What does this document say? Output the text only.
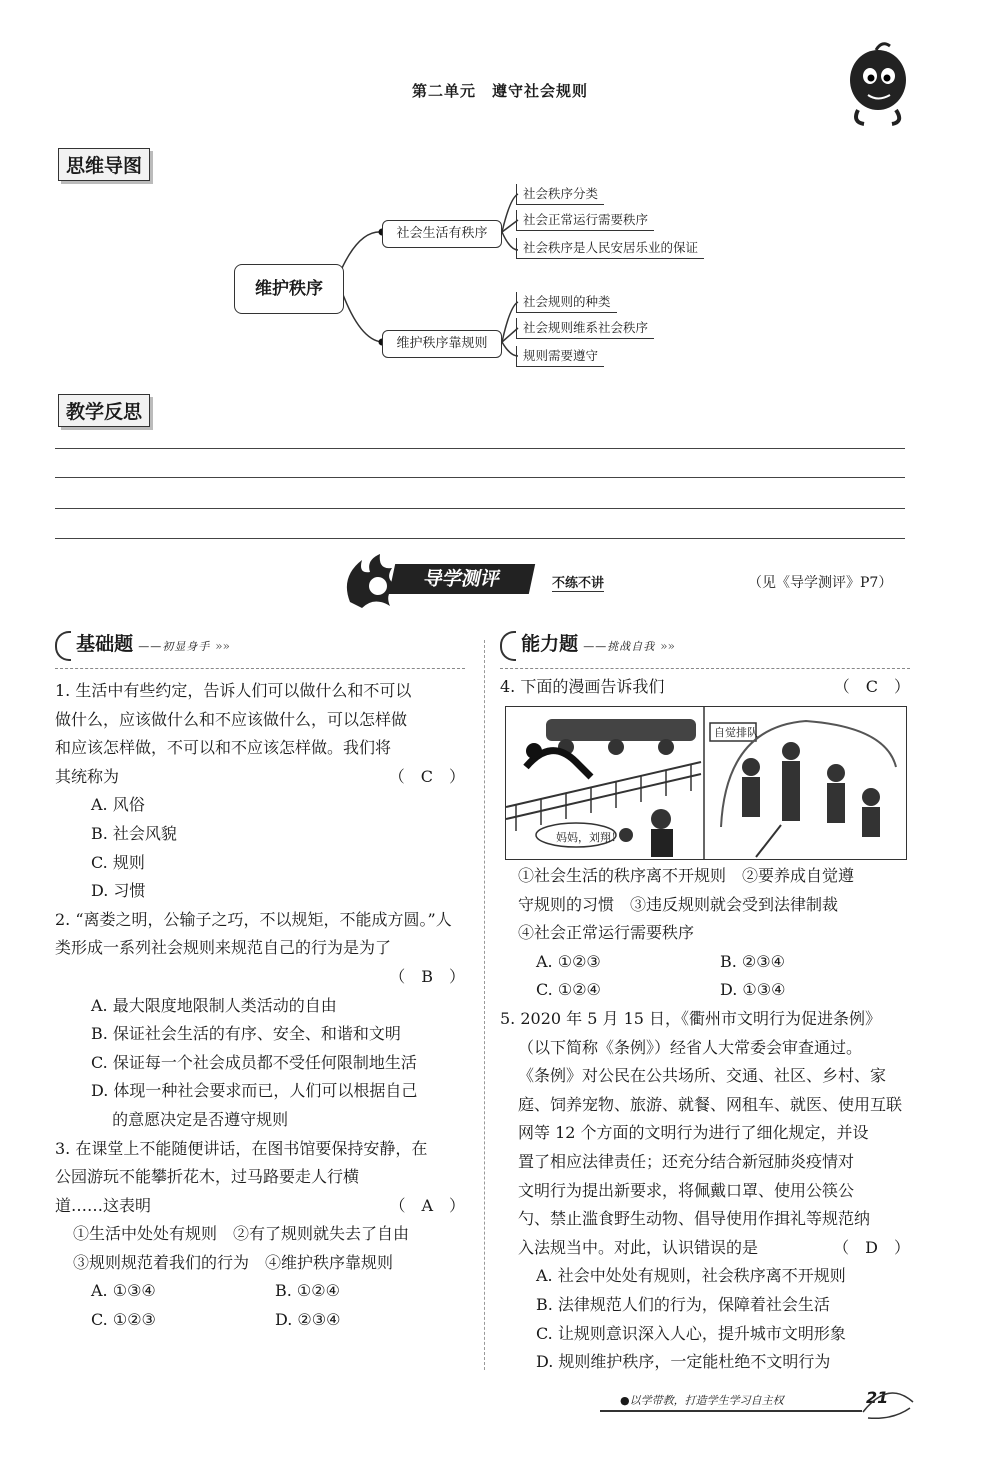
第二单元　遵守社会规则
思维导图
维护秩序
社会生活有秩序
社会秩序分类
社会正常运行需要秩序
社会秩序是人民安居乐业的保证
维护秩序靠规则
社会规则的种类
社会规则维系社会秩序
规则需要遵守
教学反思
导学测评	不练不讲	（见《导学测评》P7）
基础题 ——初显身手 »»

1. 生活中有些约定，告诉人们可以做什么和不可以

做什么，应该做什么和不应该做什么，可以怎样做

和应该怎样做，不可以和不应该怎样做。我们将

其统称为	（　C　）

A. 风俗

B. 社会风貌

C. 规则

D. 习惯

2. “离娄之明，公输子之巧，不以规矩，不能成方圆。”人

类形成一系列社会规则来规范自己的行为是为了

（　B　）

A. 最大限度地限制人类活动的自由

B. 保证社会生活的有序、安全、和谐和文明

C. 保证每一个社会成员都不受任何限制地生活

D. 体现一种社会要求而已，人们可以根据自己

　 的意愿决定是否遵守规则

3. 在课堂上不能随便讲话，在图书馆要保持安静，在

公园游玩不能攀折花木，过马路要走人行横

道……这表明	（　A　）

①生活中处处有规则　②有了规则就失去了自由

③规则规范着我们的行为　④维护秩序靠规则

A. ①③④	B. ①②④
C. ①②③	D. ②③④
能力题 ——挑战自我 »»

4. 下面的漫画告诉我们	（　C　）

自觉排队
妈妈，刘翔！

①社会生活的秩序离不开规则　②要养成自觉遵

守规则的习惯　③违反规则就会受到法律制裁

④社会正常运行需要秩序

A. ①②③	B. ②③④
C. ①②④	D. ①③④

5. 2020 年 5 月 15 日，《衢州市文明行为促进条例》

（以下简称《条例》）经省人大常委会审查通过。

《条例》对公民在公共场所、交通、社区、乡村、家

庭、饲养宠物、旅游、就餐、网租车、就医、使用互联

网等 12 个方面的文明行为进行了细化规定，并设

置了相应法律责任；还充分结合新冠肺炎疫情对

文明行为提出新要求，将佩戴口罩、使用公筷公

勺、禁止滥食野生动物、倡导使用作揖礼等规范纳

入法规当中。对此，认识错误的是	（　D　）

A. 社会中处处有规则，社会秩序离不开规则

B. 法律规范人们的行为，保障着社会生活

C. 让规则意识深入人心，提升城市文明形象

D. 规则维护秩序，一定能杜绝不文明行为

●以学带教，打造学生学习自主权	21
